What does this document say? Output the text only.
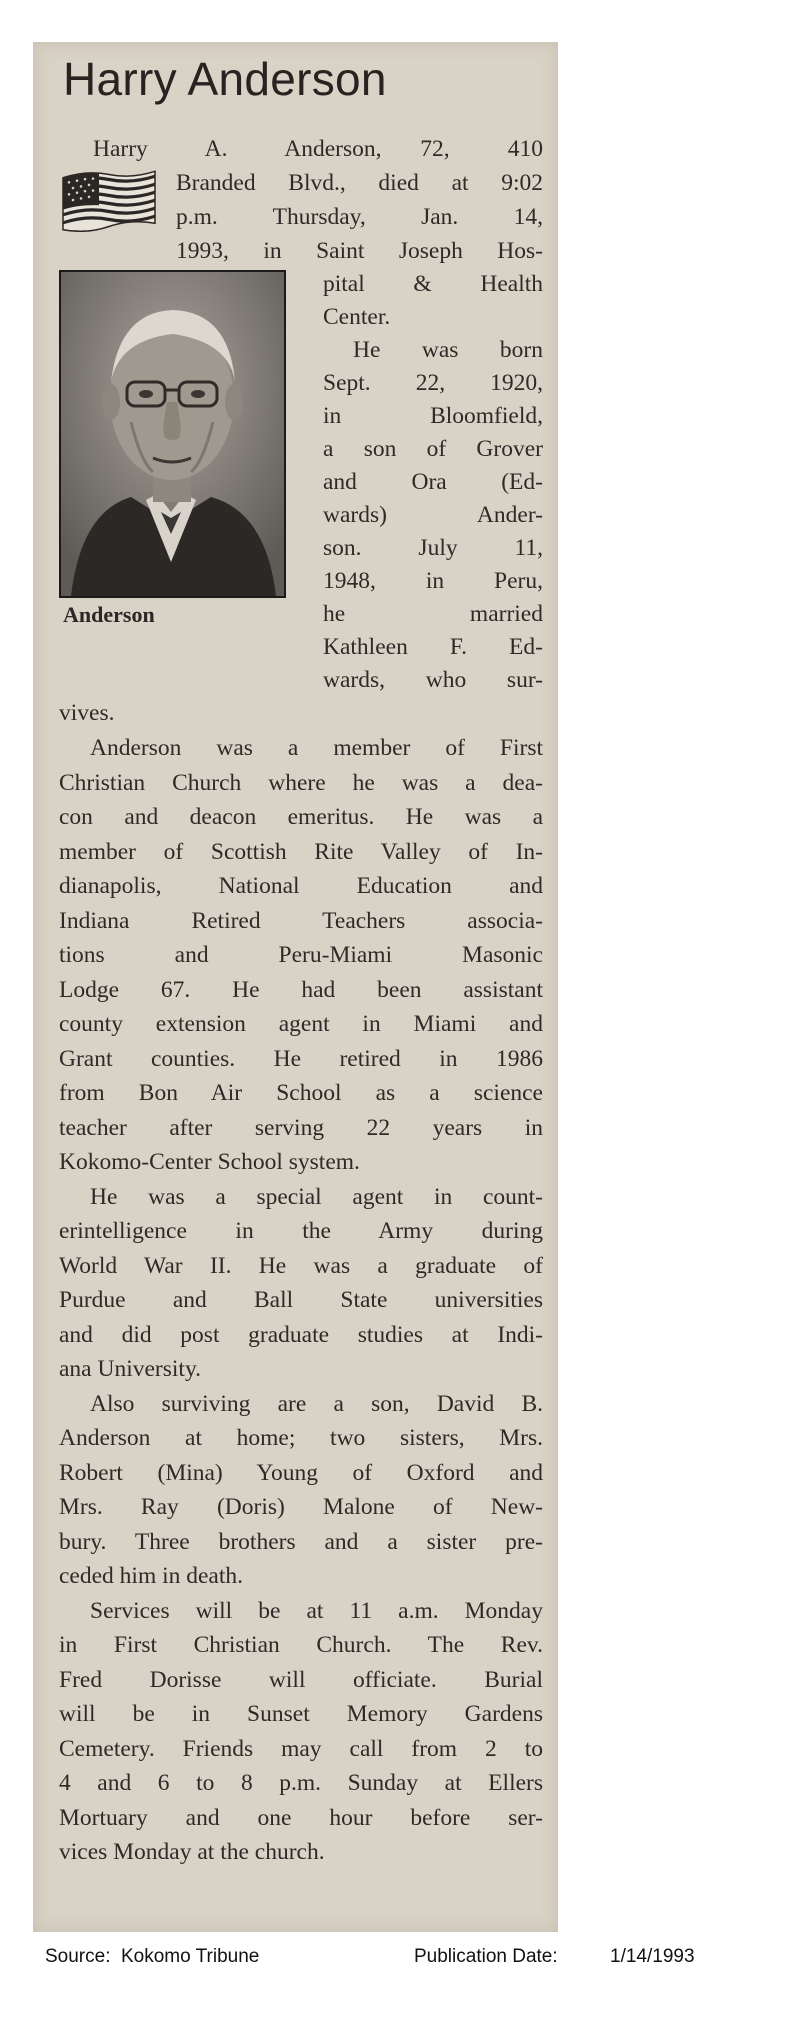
Harry Anderson
Anderson
Harry   A.   Anderson,  72,   410
Branded Blvd., died at 9:02
p.m.  Thursday,  Jan.  14,
1993, in Saint Joseph Hos-
pital  &  Health
Center.
He  was  born
Sept. 22, 1920,
in  Bloomfield,
a son of Grover
and  Ora  (Ed-
wards)  Ander-
son.  July  11,
1948,  in  Peru,
he        married
Kathleen F. Ed-
wards, who sur-
vives.
Anderson was a member of First
Christian Church where he was a dea-
con and deacon emeritus. He was a
member of Scottish Rite Valley of In-
dianapolis, National Education and
Indiana Retired Teachers associa-
tions and Peru-Miami Masonic
Lodge 67. He had been assistant
county extension agent in Miami and
Grant counties. He retired in 1986
from Bon Air School as a science
teacher after serving 22 years in
Kokomo-Center School system.
He was a special agent in count-
erintelligence in the Army during
World War II. He was a graduate of
Purdue and Ball State universities
and did post graduate studies at Indi-
ana University.
Also surviving are a son, David B.
Anderson at home; two sisters, Mrs.
Robert (Mina) Young of Oxford and
Mrs. Ray (Doris) Malone of New-
bury. Three brothers and a sister pre-
ceded him in death.
Services will be at 11 a.m. Monday
in First Christian Church. The Rev.
Fred Dorisse will officiate. Burial
will be in Sunset Memory Gardens
Cemetery. Friends may call from 2 to
4 and 6 to 8 p.m. Sunday at Ellers
Mortuary and one hour before ser-
vices Monday at the church.
Source: Kokomo Tribune	Publication Date:	1/14/1993
